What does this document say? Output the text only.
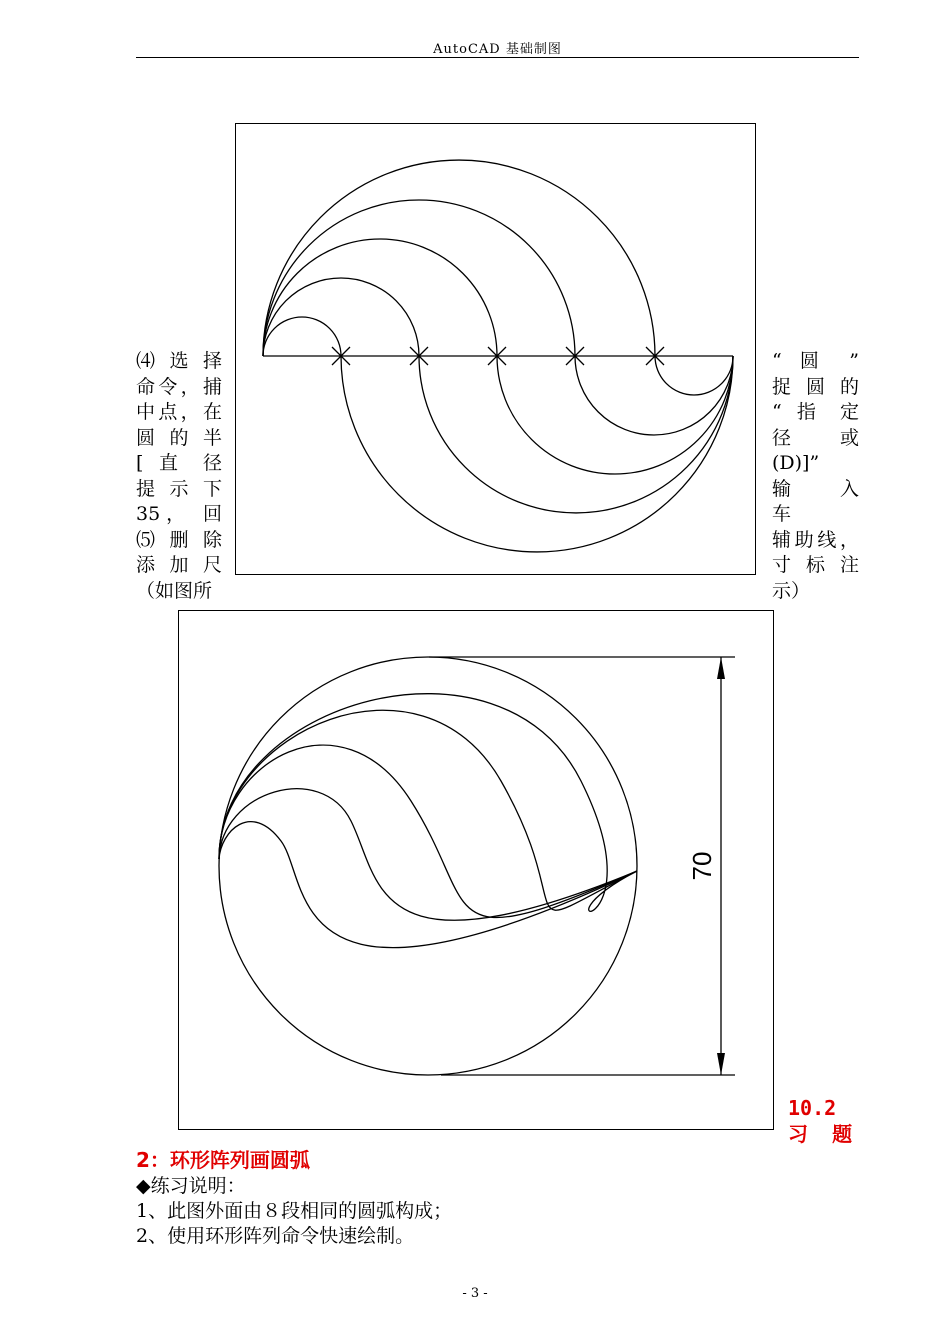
AutoCAD 基础制图
⑷ 选 择
命令，捕
中点，在
圆 的 半
[ 直 径
提 示 下
35， 回
⑸ 删 除
添 加 尺
（如图所
“ 圆 ”
捉 圆 的
“ 指 定
径 或
(D)]”
输 入
车
辅助线，
寸 标 注
示）
70
10.2
习  题
2：环形阵列画圆弧
◆练习说明：
1、此图外面由８段相同的圆弧构成；
2、使用环形阵列命令快速绘制。
- 3 -
